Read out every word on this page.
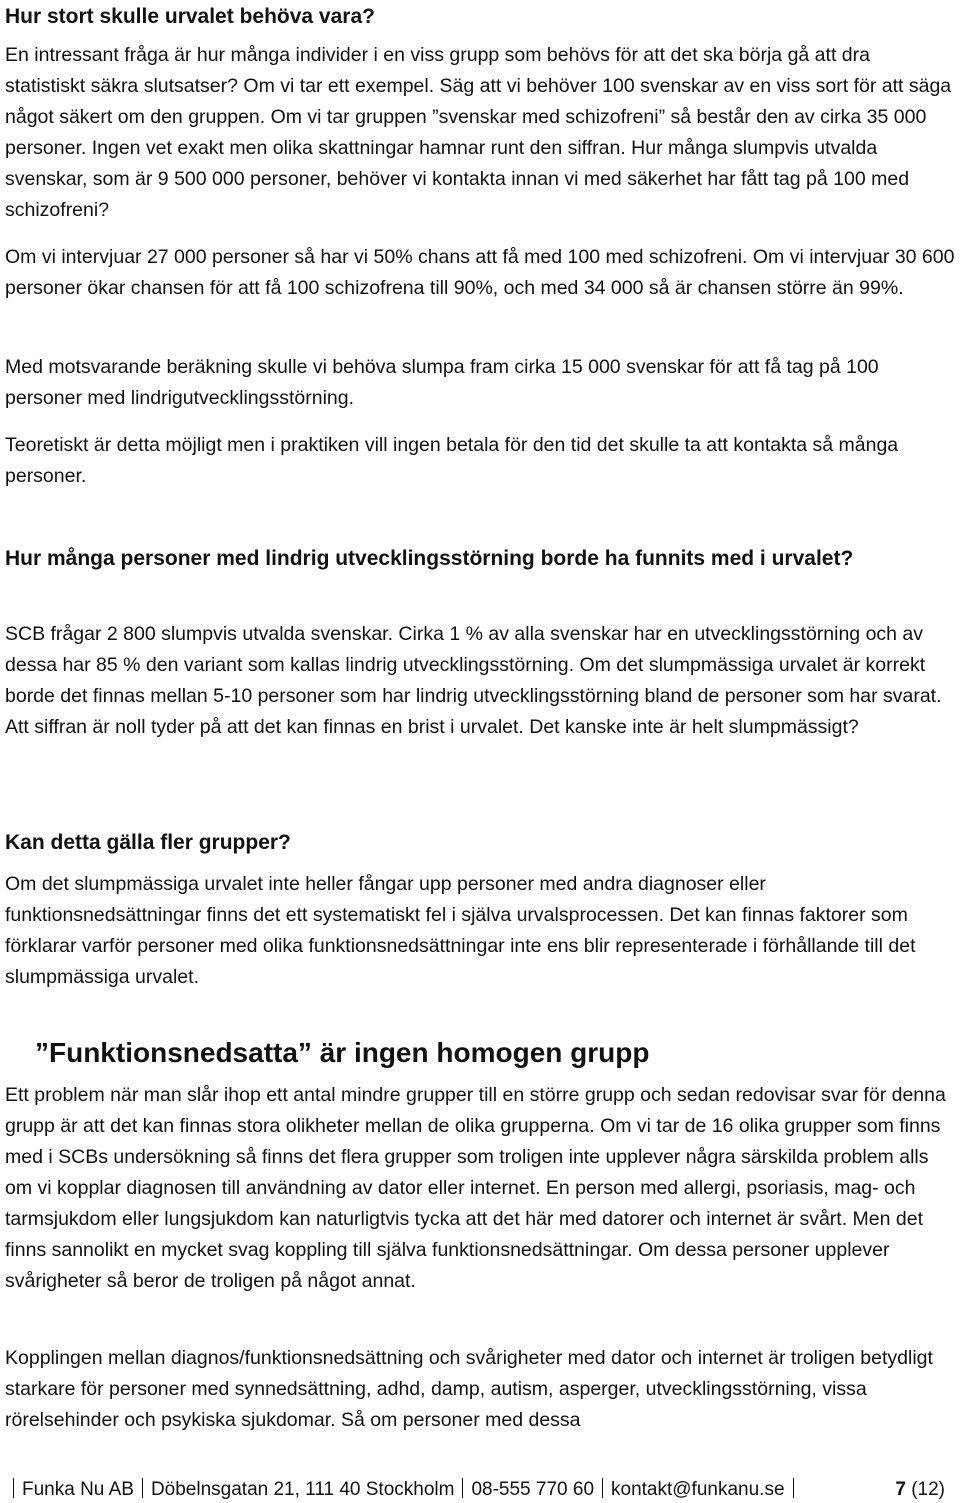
Hur stort skulle urvalet behöva vara?

En intressant fråga är hur många individer i en viss grupp som behövs för att det ska börja gå att dra statistiskt säkra slutsatser? Om vi tar ett exempel. Säg att vi behöver 100 svenskar av en viss sort för att säga något säkert om den gruppen. Om vi tar gruppen ”svenskar med schizofreni” så består den av cirka 35 000 personer. Ingen vet exakt men olika skattningar hamnar runt den siffran. Hur många slumpvis utvalda svenskar, som är 9 500 000 personer, behöver vi kontakta innan vi med säkerhet har fått tag på 100 med schizofreni?

Om vi intervjuar 27 000 personer så har vi 50% chans att få med 100 med schizofreni. Om vi intervjuar 30 600 personer ökar chansen för att få 100 schizofrena till 90%, och med 34 000 så är chansen större än 99%.

Med motsvarande beräkning skulle vi behöva slumpa fram cirka 15 000 svenskar för att få tag på 100 personer med lindrigutvecklingsstörning.

Teoretiskt är detta möjligt men i praktiken vill ingen betala för den tid det skulle ta att kontakta så många personer.

Hur många personer med lindrig utvecklingsstörning borde ha funnits med i urvalet?

SCB frågar 2 800 slumpvis utvalda svenskar. Cirka 1 % av alla svenskar har en utvecklingsstörning och av dessa har 85 % den variant som kallas lindrig utvecklingsstörning. Om det slumpmässiga urvalet är korrekt borde det finnas mellan 5-10 personer som har lindrig utvecklingsstörning bland de personer som har svarat. Att siffran är noll tyder på att det kan finnas en brist i urvalet. Det kanske inte är helt slumpmässigt?

Kan detta gälla fler grupper?

Om det slumpmässiga urvalet inte heller fångar upp personer med andra diagnoser eller funktionsnedsättningar finns det ett systematiskt fel i själva urvalsprocessen. Det kan finnas faktorer som förklarar varför personer med olika funktionsnedsättningar inte ens blir representerade i förhållande till det slumpmässiga urvalet.

”Funktionsnedsatta” är ingen homogen grupp

Ett problem när man slår ihop ett antal mindre grupper till en större grupp och sedan redovisar svar för denna grupp är att det kan finnas stora olikheter mellan de olika grupperna. Om vi tar de 16 olika grupper som finns med i SCBs undersökning så finns det flera grupper som troligen inte upplever några särskilda problem alls om vi kopplar diagnosen till användning av dator eller internet. En person med allergi, psoriasis, mag- och tarmsjukdom eller lungsjukdom kan naturligtvis tycka att det här med datorer och internet är svårt. Men det finns sannolikt en mycket svag koppling till själva funktionsnedsättningar. Om dessa personer upplever svårigheter så beror de troligen på något annat.

Kopplingen mellan diagnos/funktionsnedsättning och svårigheter med dator och internet är troligen betydligt starkare för personer med synnedsättning, adhd, damp, autism, asperger, utvecklingsstörning, vissa rörelsehinder och psykiska sjukdomar. Så om personer med dessa

Funka Nu AB Döbelnsgatan 21, 111 40 Stockholm 08-555 770 60 kontakt@funkanu.se	7 (12)
